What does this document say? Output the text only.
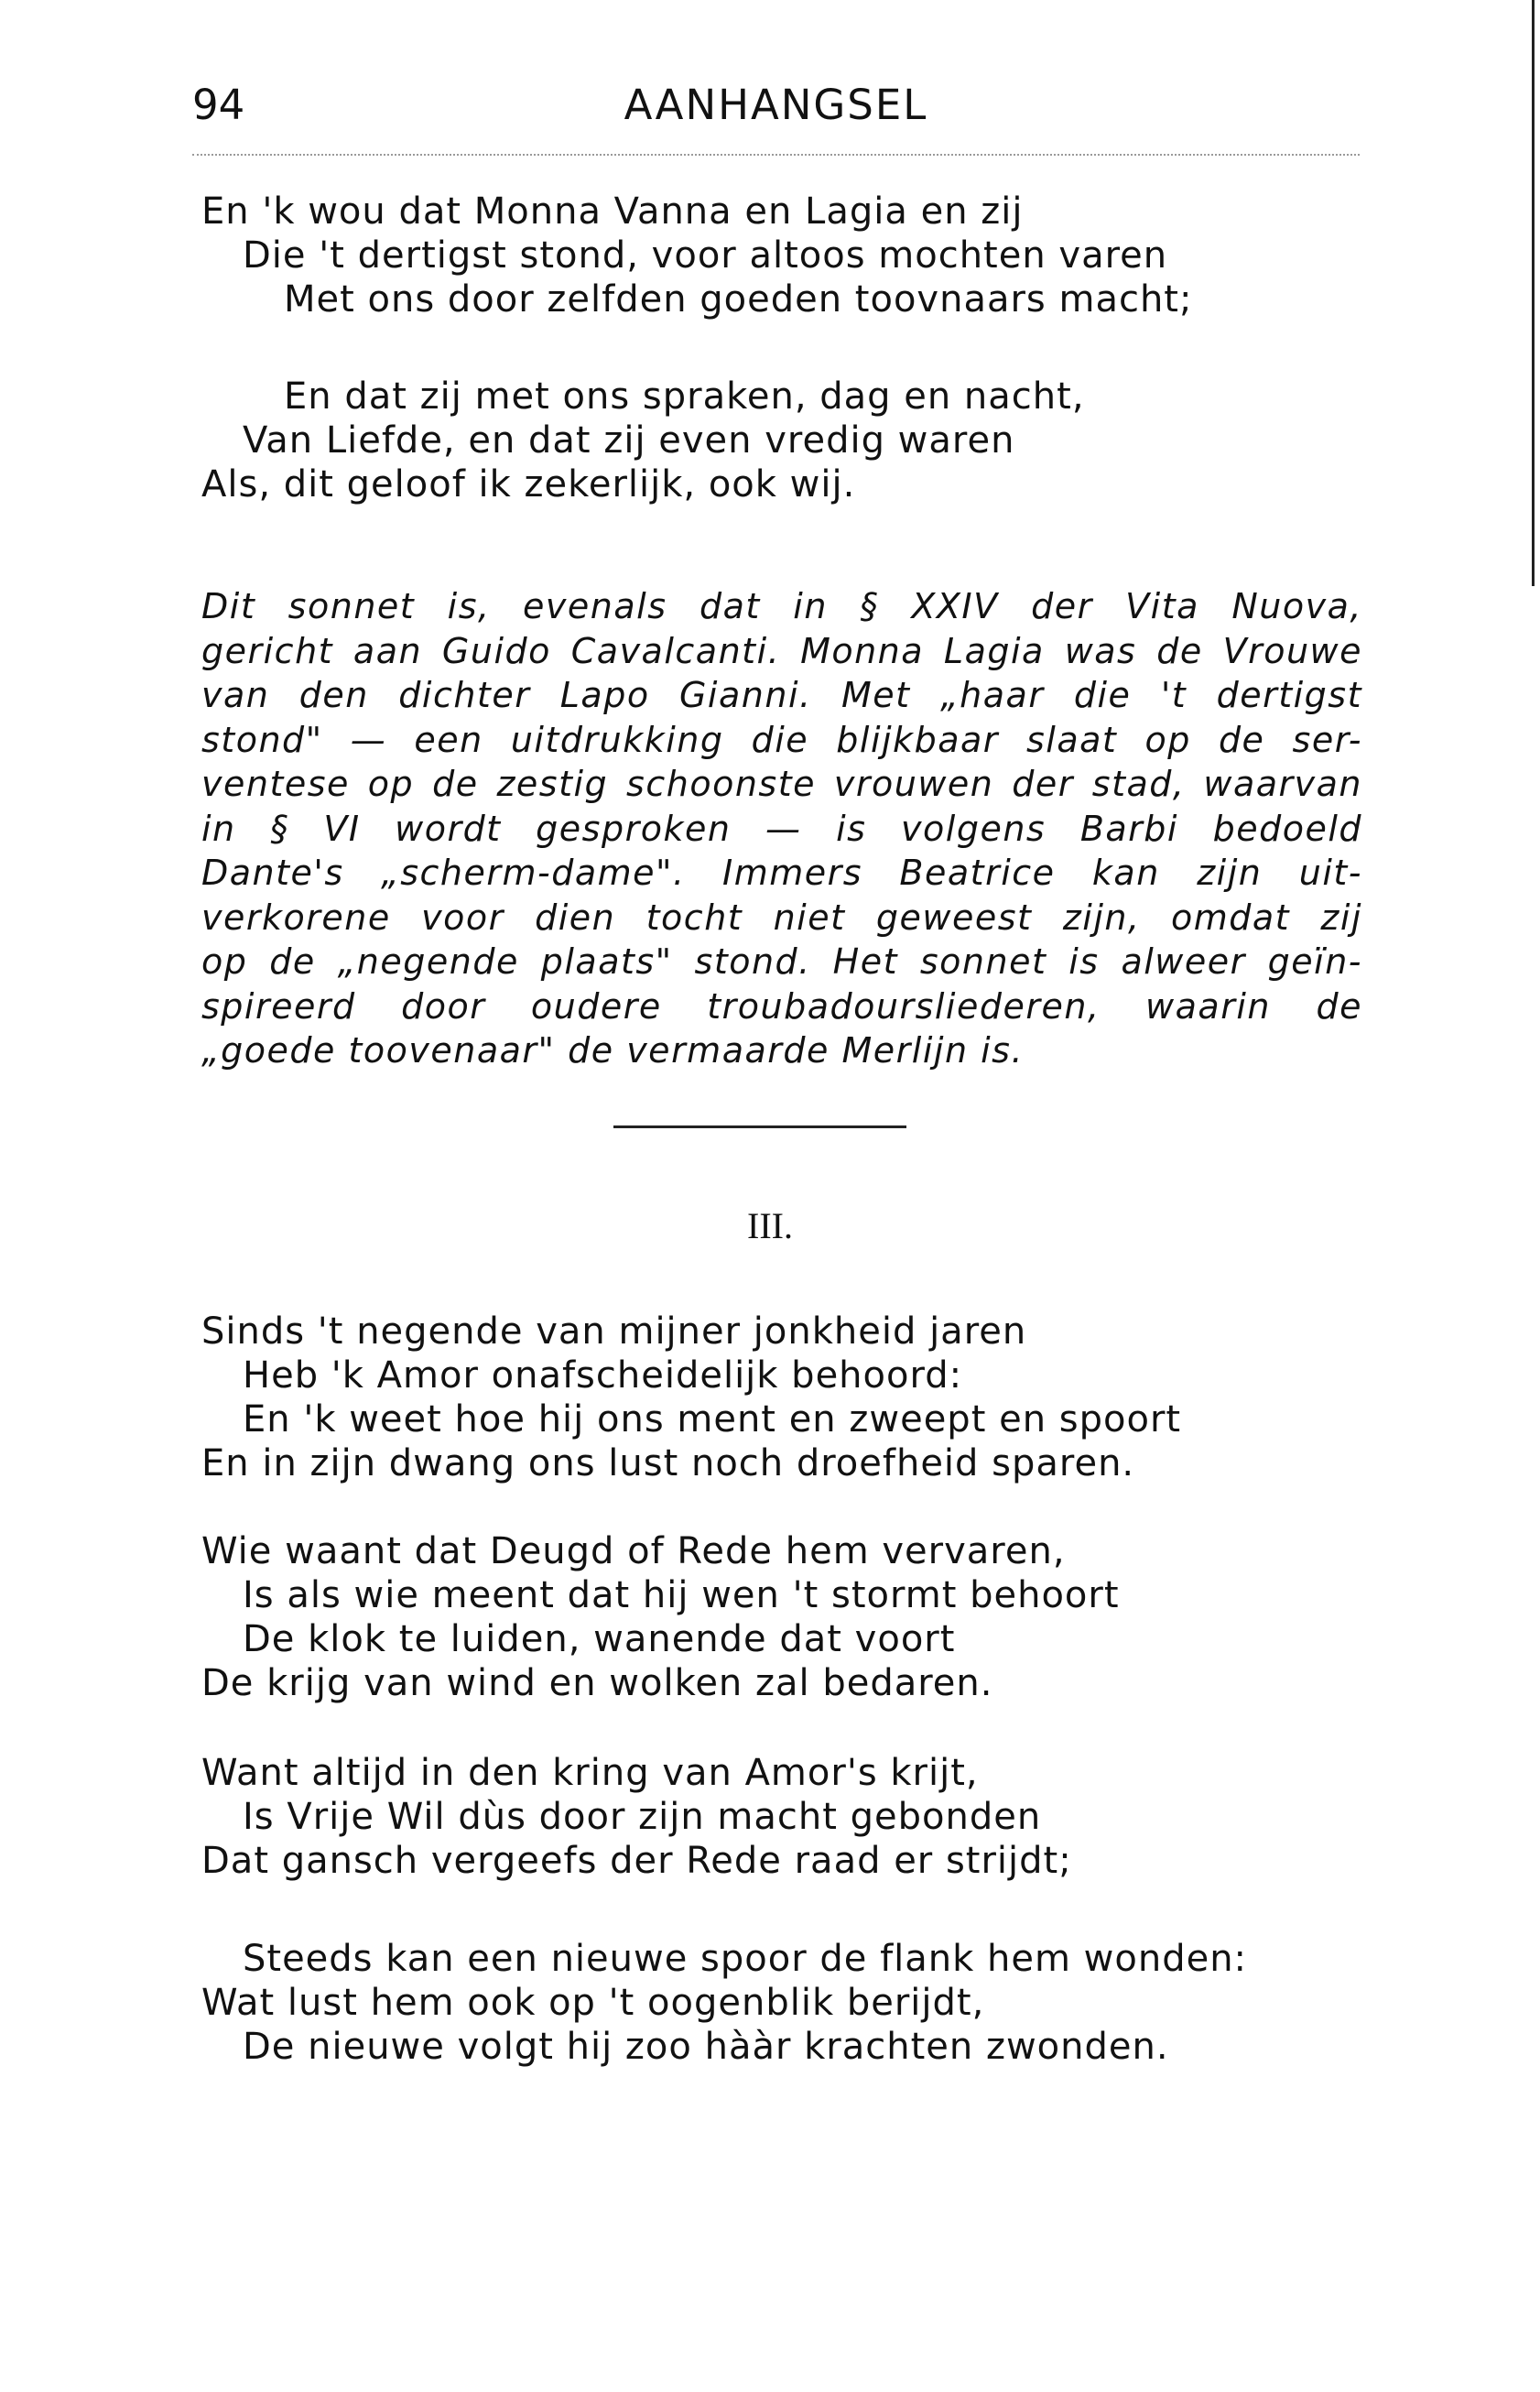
94	AANHANGSEL
En 'k wou dat Monna Vanna en Lagia en zij
Die 't dertigst stond, voor altoos mochten varen
Met ons door zelfden goeden toovnaars macht;
En dat zij met ons spraken, dag en nacht,
Van Liefde, en dat zij even vredig waren
Als, dit geloof ik zekerlijk, ook wij.
Dit sonnet is, evenals dat in § XXIV der Vita Nuova,
gericht aan Guido Cavalcanti. Monna Lagia was de Vrouwe
van den dichter Lapo Gianni. Met „haar die 't dertigst
stond" — een uitdrukking die blijkbaar slaat op de ser-
ventese op de zestig schoonste vrouwen der stad, waarvan
in § VI wordt gesproken — is volgens Barbi bedoeld
Dante's „scherm-dame". Immers Beatrice kan zijn uit-
verkorene voor dien tocht niet geweest zijn, omdat zij
op de „negende plaats" stond. Het sonnet is alweer geïn-
spireerd door oudere troubadoursliederen, waarin de
„goede toovenaar" de vermaarde Merlijn is.
III.
Sinds 't negende van mijner jonkheid jaren
Heb 'k Amor onafscheidelijk behoord:
En 'k weet hoe hij ons ment en zweept en spoort
En in zijn dwang ons lust noch droefheid sparen.
Wie waant dat Deugd of Rede hem vervaren,
Is als wie meent dat hij wen 't stormt behoort
De klok te luiden, wanende dat voort
De krijg van wind en wolken zal bedaren.
Want altijd in den kring van Amor's krijt,
Is Vrije Wil dùs door zijn macht gebonden
Dat gansch vergeefs der Rede raad er strijdt;
Steeds kan een nieuwe spoor de flank hem wonden:
Wat lust hem ook op 't oogenblik berijdt,
De nieuwe volgt hij zoo hààr krachten zwonden.
